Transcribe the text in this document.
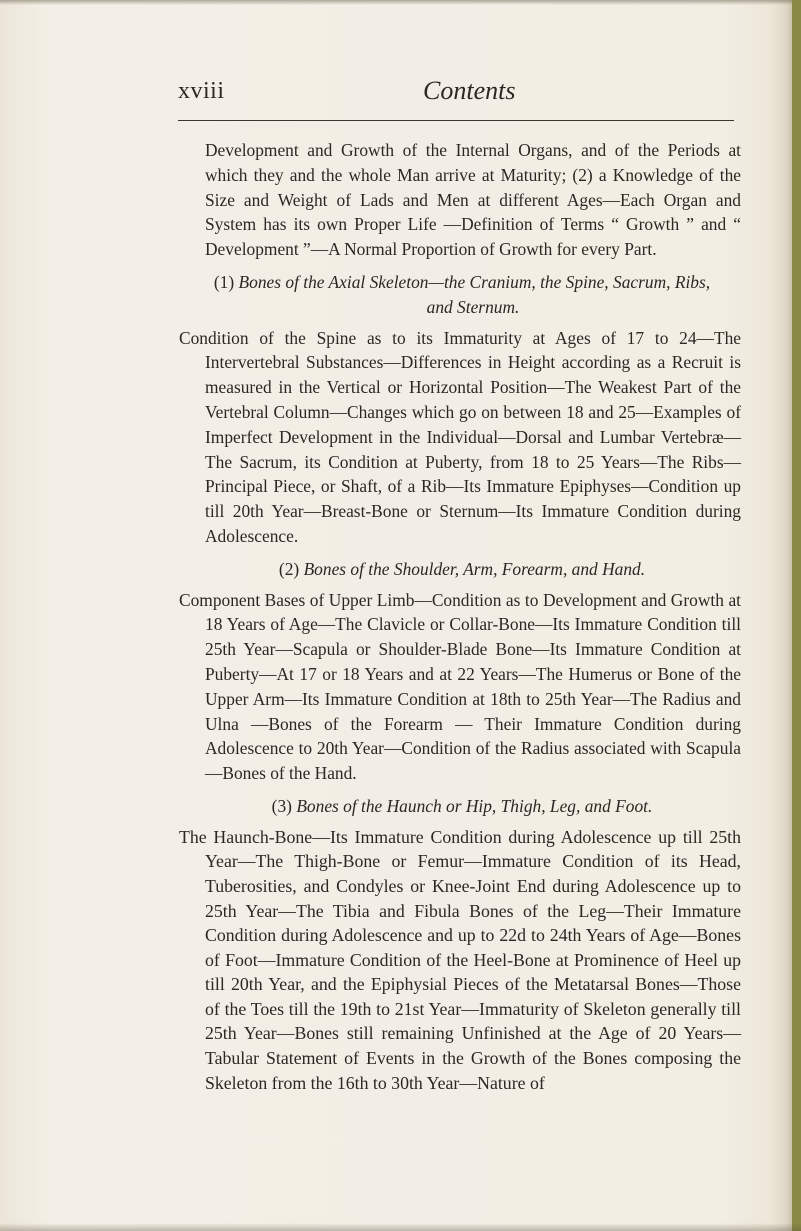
xviii	Contents

Development and Growth of the Internal Organs, and of the Periods at which they and the whole Man arrive at Maturity; (2) a Knowledge of the Size and Weight of Lads and Men at different Ages—Each Organ and System has its own Proper Life —Definition of Terms “ Growth ” and “ Development ”—A Normal Proportion of Growth for every Part.

(1) Bones of the Axial Skeleton—the Cranium, the Spine, Sacrum, Ribs, and Sternum.

Condition of the Spine as to its Immaturity at Ages of 17 to 24—The Intervertebral Substances—Differences in Height according as a Recruit is measured in the Vertical or Horizontal Position—The Weakest Part of the Vertebral Column—Changes which go on between 18 and 25—Examples of Imperfect Development in the Individual—Dorsal and Lumbar Vertebræ—The Sacrum, its Condition at Puberty, from 18 to 25 Years—The Ribs—Principal Piece, or Shaft, of a Rib—Its Immature Epiphyses—Condition up till 20th Year—Breast-Bone or Sternum—Its Immature Condition during Adolescence.

(2) Bones of the Shoulder, Arm, Forearm, and Hand.

Component Bases of Upper Limb—Condition as to Development and Growth at 18 Years of Age—The Clavicle or Collar-Bone—Its Immature Condition till 25th Year—Scapula or Shoulder-Blade Bone—Its Immature Condition at Puberty—At 17 or 18 Years and at 22 Years—The Humerus or Bone of the Upper Arm—Its Immature Condition at 18th to 25th Year—The Radius and Ulna —Bones of the Forearm — Their Immature Condition during Adolescence to 20th Year—Condition of the Radius associated with Scapula—Bones of the Hand.

(3) Bones of the Haunch or Hip, Thigh, Leg, and Foot.

The Haunch-Bone—Its Immature Condition during Adolescence up till 25th Year—The Thigh-Bone or Femur—Immature Condition of its Head, Tuberosities, and Condyles or Knee-Joint End during Adolescence up to 25th Year—The Tibia and Fibula Bones of the Leg—Their Immature Condition during Adolescence and up to 22d to 24th Years of Age—Bones of Foot—Immature Condition of the Heel-Bone at Prominence of Heel up till 20th Year, and the Epiphysial Pieces of the Metatarsal Bones—Those of the Toes till the 19th to 21st Year—Immaturity of Skeleton generally till 25th Year—Bones still remaining Unfinished at the Age of 20 Years—Tabular Statement of Events in the Growth of the Bones composing the Skeleton from the 16th to 30th Year—Nature of
